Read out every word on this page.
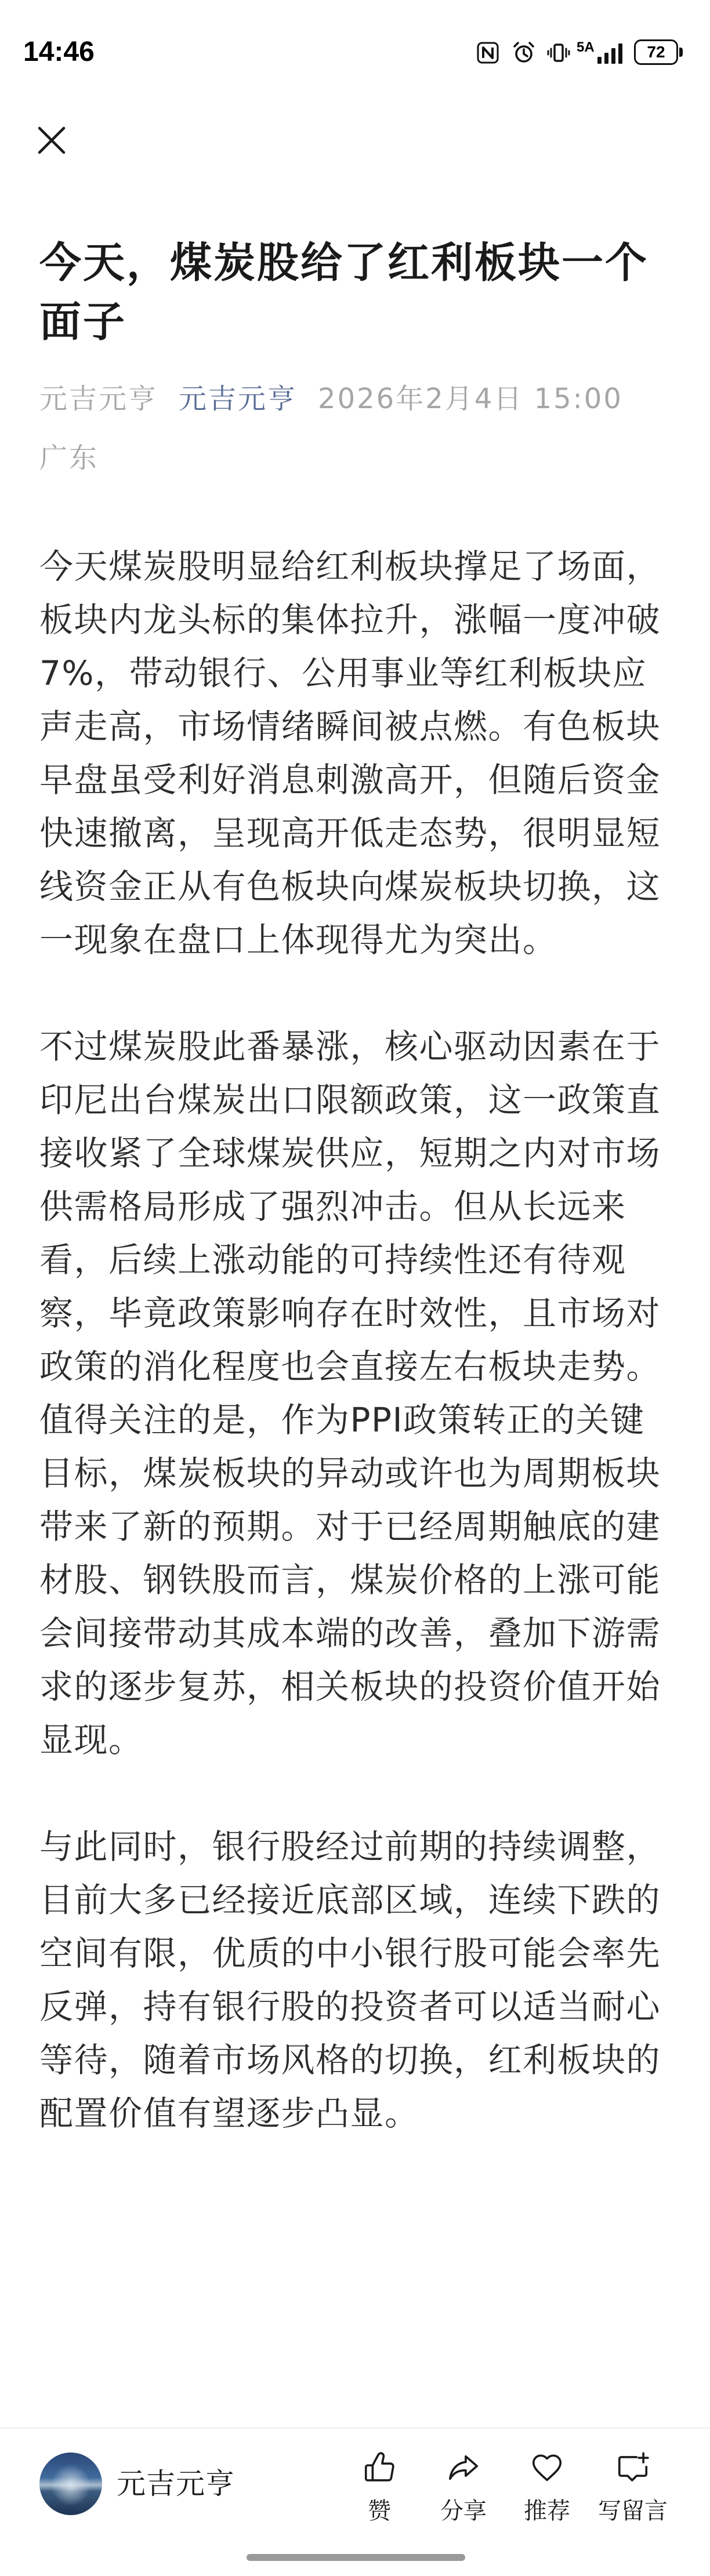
14:46	5A	72
今天，煤炭股给了红利板块一个面子
元吉元亨 元吉元亨 2026年2月4日 15:00
广东

今天煤炭股明显给红利板块撑足了场面，板块内龙头标的集体拉升，涨幅一度冲破7%，带动银行、公用事业等红利板块应声走高，市场情绪瞬间被点燃。有色板块早盘虽受利好消息刺激高开，但随后资金快速撤离，呈现高开低走态势，很明显短线资金正从有色板块向煤炭板块切换，这一现象在盘口上体现得尤为突出。

不过煤炭股此番暴涨，核心驱动因素在于印尼出台煤炭出口限额政策，这一政策直接收紧了全球煤炭供应，短期之内对市场供需格局形成了强烈冲击。但从长远来看，后续上涨动能的可持续性还有待观察，毕竟政策影响存在时效性，且市场对政策的消化程度也会直接左右板块走势。

值得关注的是，作为PPI政策转正的关键目标，煤炭板块的异动或许也为周期板块带来了新的预期。对于已经周期触底的建材股、钢铁股而言，煤炭价格的上涨可能会间接带动其成本端的改善，叠加下游需求的逐步复苏，相关板块的投资价值开始显现。

与此同时，银行股经过前期的持续调整，目前大多已经接近底部区域，连续下跌的空间有限，优质的中小银行股可能会率先反弹，持有银行股的投资者可以适当耐心等待，随着市场风格的切换，红利板块的配置价值有望逐步凸显。

元吉元亨
赞	分享	推荐	写留言
